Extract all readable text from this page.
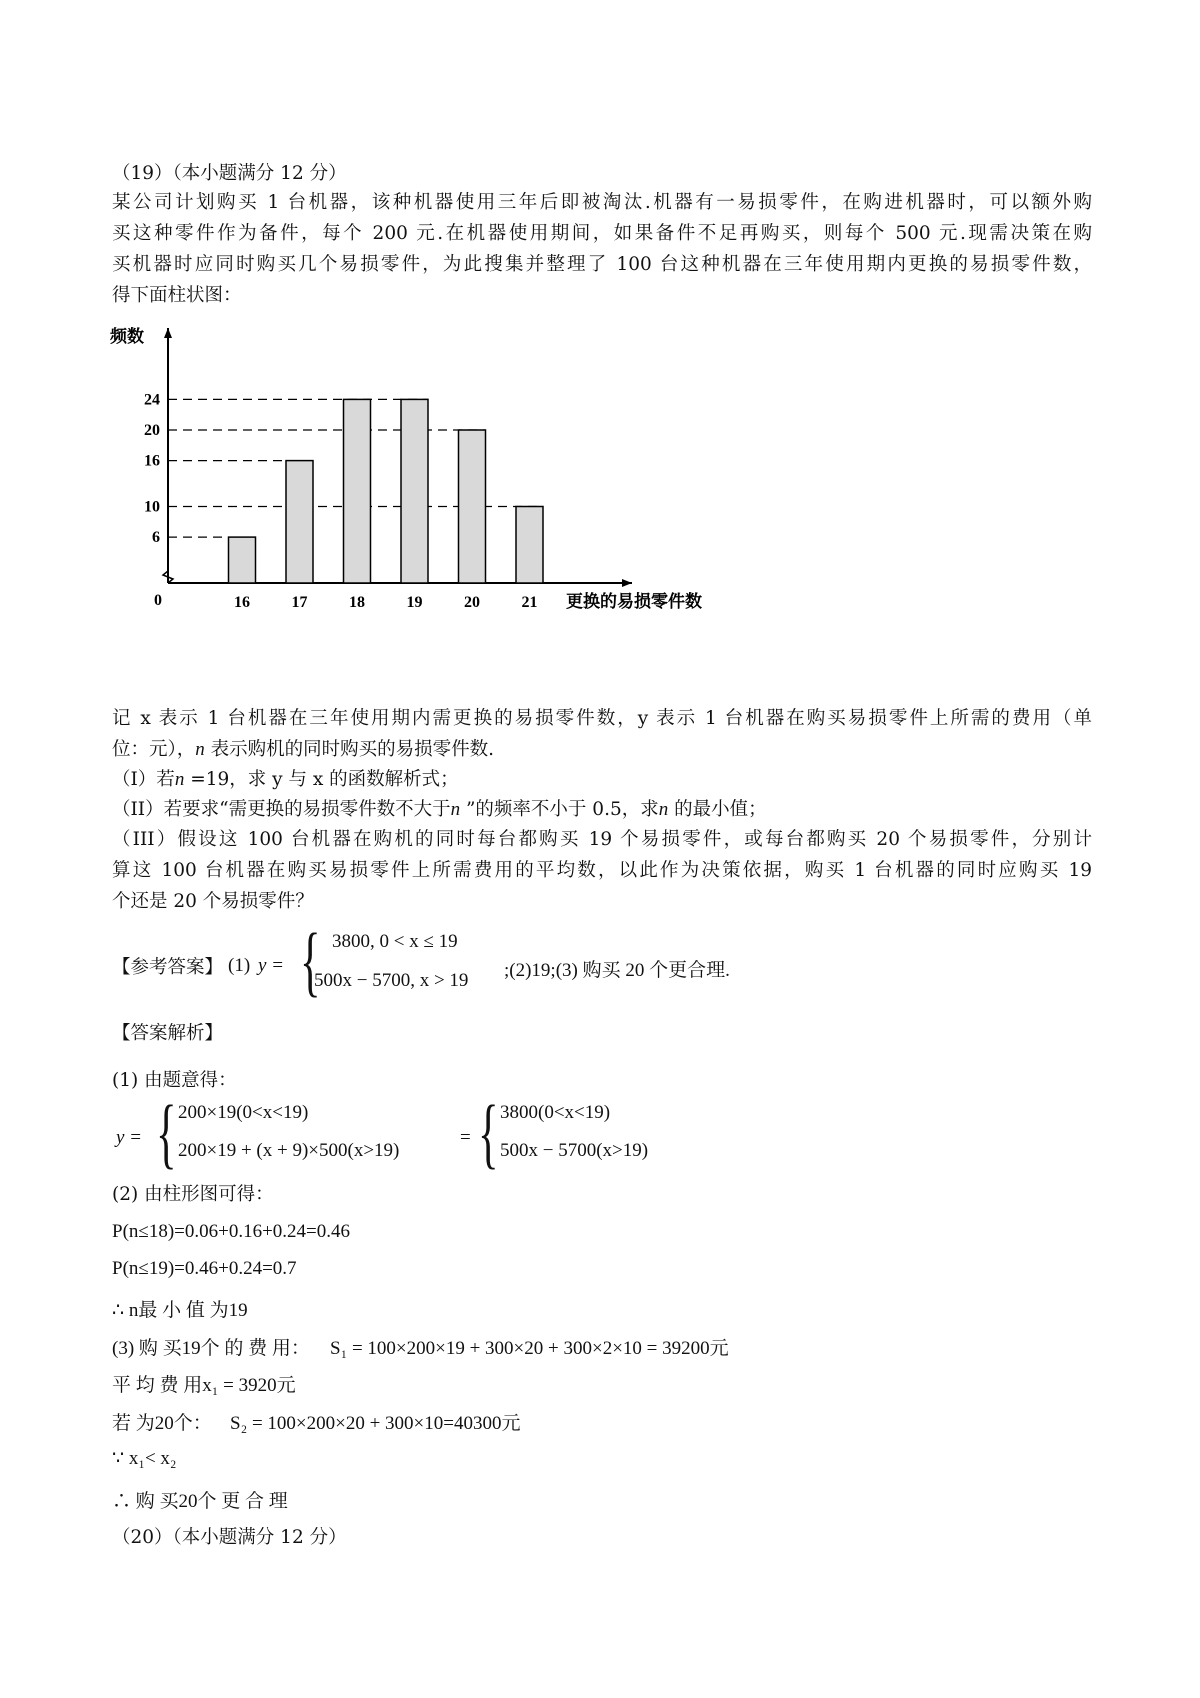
（19）（本小题满分 12 分）
某公司计划购买 1 台机器，该种机器使用三年后即被淘汰.机器有一易损零件，在购进机器时，可以额外购
买这种零件作为备件，每个 200 元.在机器使用期间，如果备件不足再购买，则每个 500 元.现需决策在购
买机器时应同时购买几个易损零件，为此搜集并整理了 100 台这种机器在三年使用期内更换的易损零件数，
得下面柱状图：
频数
0
6
10
16
20
24
16	17	18	19	20	21 更换的易损零件数
记 x 表示 1 台机器在三年使用期内需更换的易损零件数，y 表示 1 台机器在购买易损零件上所需的费用（单
位：元），n 表示购机的同时购买的易损零件数.
（I）若n =19，求 y 与 x 的函数解析式；
（II）若要求“需更换的易损零件数不大于n ”的频率不小于 0.5，求n 的最小值；
（III）假设这 100 台机器在购机的同时每台都购买 19 个易损零件，或每台都购买 20 个易损零件，分别计
算这 100 台机器在购买易损零件上所需费用的平均数，以此作为决策依据，购买 1 台机器的同时应购买 19
个还是 20 个易损零件？
【参考答案】 (1) y = { 3800, 0 < x ≤ 19
500x − 5700, x > 19 ;(2)19;(3) 购买 20 个更合理.
【答案解析】
(1) 由题意得：
y = { 200×19(0<x<19)
200×19 + (x + 9)×500(x>19)
= { 3800(0<x<19)
500x − 5700(x>19)
(2) 由柱形图可得：
P(n≤18)=0.06+0.16+0.24=0.46
P(n≤19)=0.46+0.24=0.7
∴ n最 小 值 为19
(3) 购 买19个 的 费 用： S₁ = 100×200×19 + 300×20 + 300×2×10 = 39200元
平 均 费 用x₁ = 3920元
若 为20个： S₂ = 100×200×20 + 300×10=40300元
∵ x₁< x₂
∴ 购 买20个 更 合 理
（20）（本小题满分 12 分）
